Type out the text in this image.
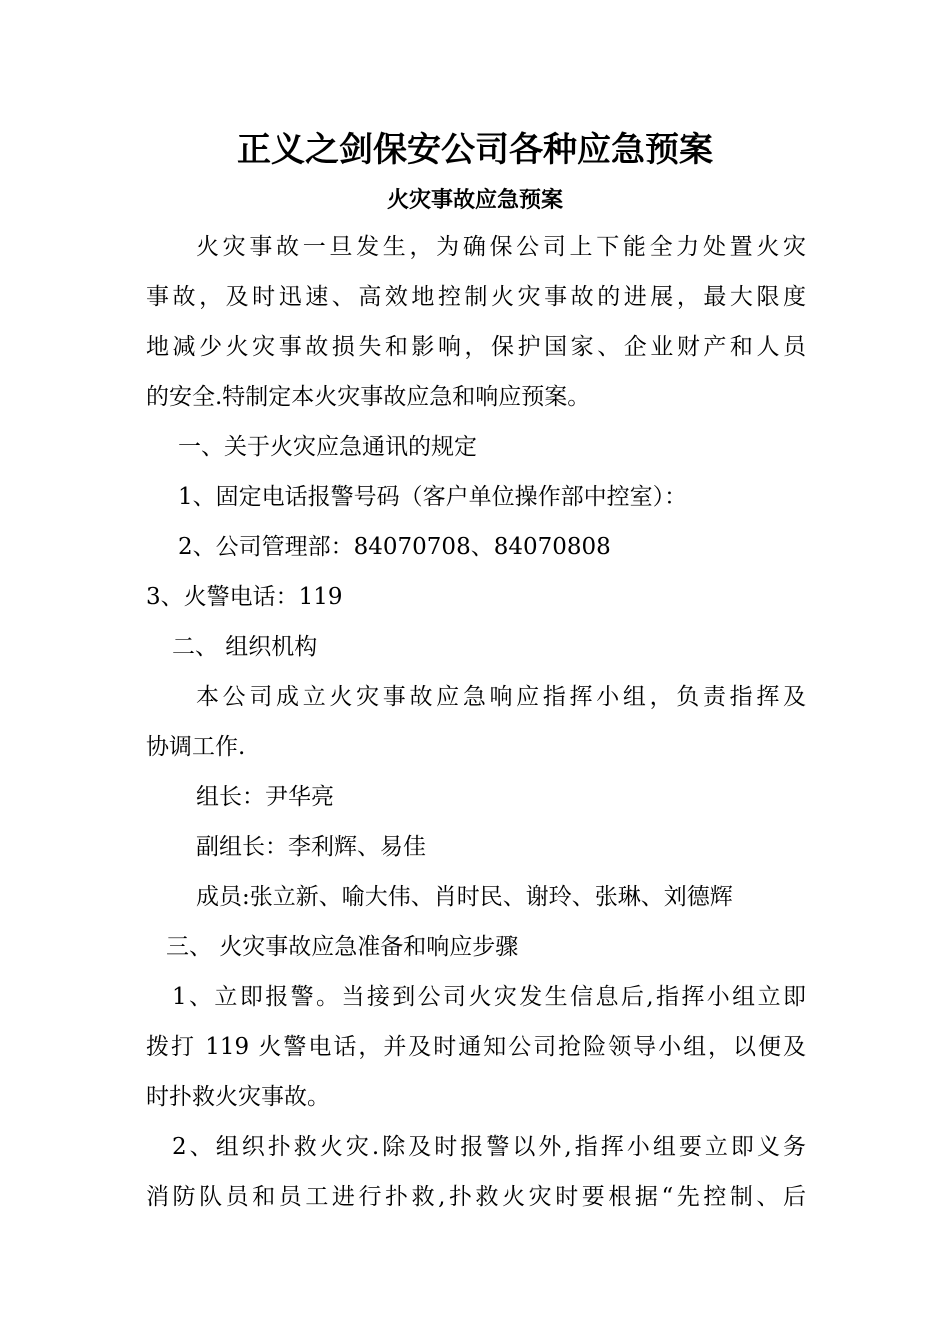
正义之剑保安公司各种应急预案
火灾事故应急预案
火灾事故一旦发生，为确保公司上下能全力处置火灾
事故，及时迅速、高效地控制火灾事故的进展，最大限度
地减少火灾事故损失和影响，保护国家、企业财产和人员
的安全.特制定本火灾事故应急和响应预案。
一、关于火灾应急通讯的规定
1、固定电话报警号码（客户单位操作部中控室）：
2、公司管理部：84070708、84070808
3、火警电话：119
二、 组织机构
本公司成立火灾事故应急响应指挥小组，负责指挥及
协调工作.
组长：尹华亮
副组长：李利辉、易佳
成员:张立新、喻大伟、肖时民、谢玲、张琳、刘德辉
三、 火灾事故应急准备和响应步骤
1、立即报警。当接到公司火灾发生信息后,指挥小组立即
拨打 119 火警电话，并及时通知公司抢险领导小组，以便及
时扑救火灾事故。
2、组织扑救火灾.除及时报警以外,指挥小组要立即义务
消防队员和员工进行扑救,扑救火灾时要根据“先控制、后
